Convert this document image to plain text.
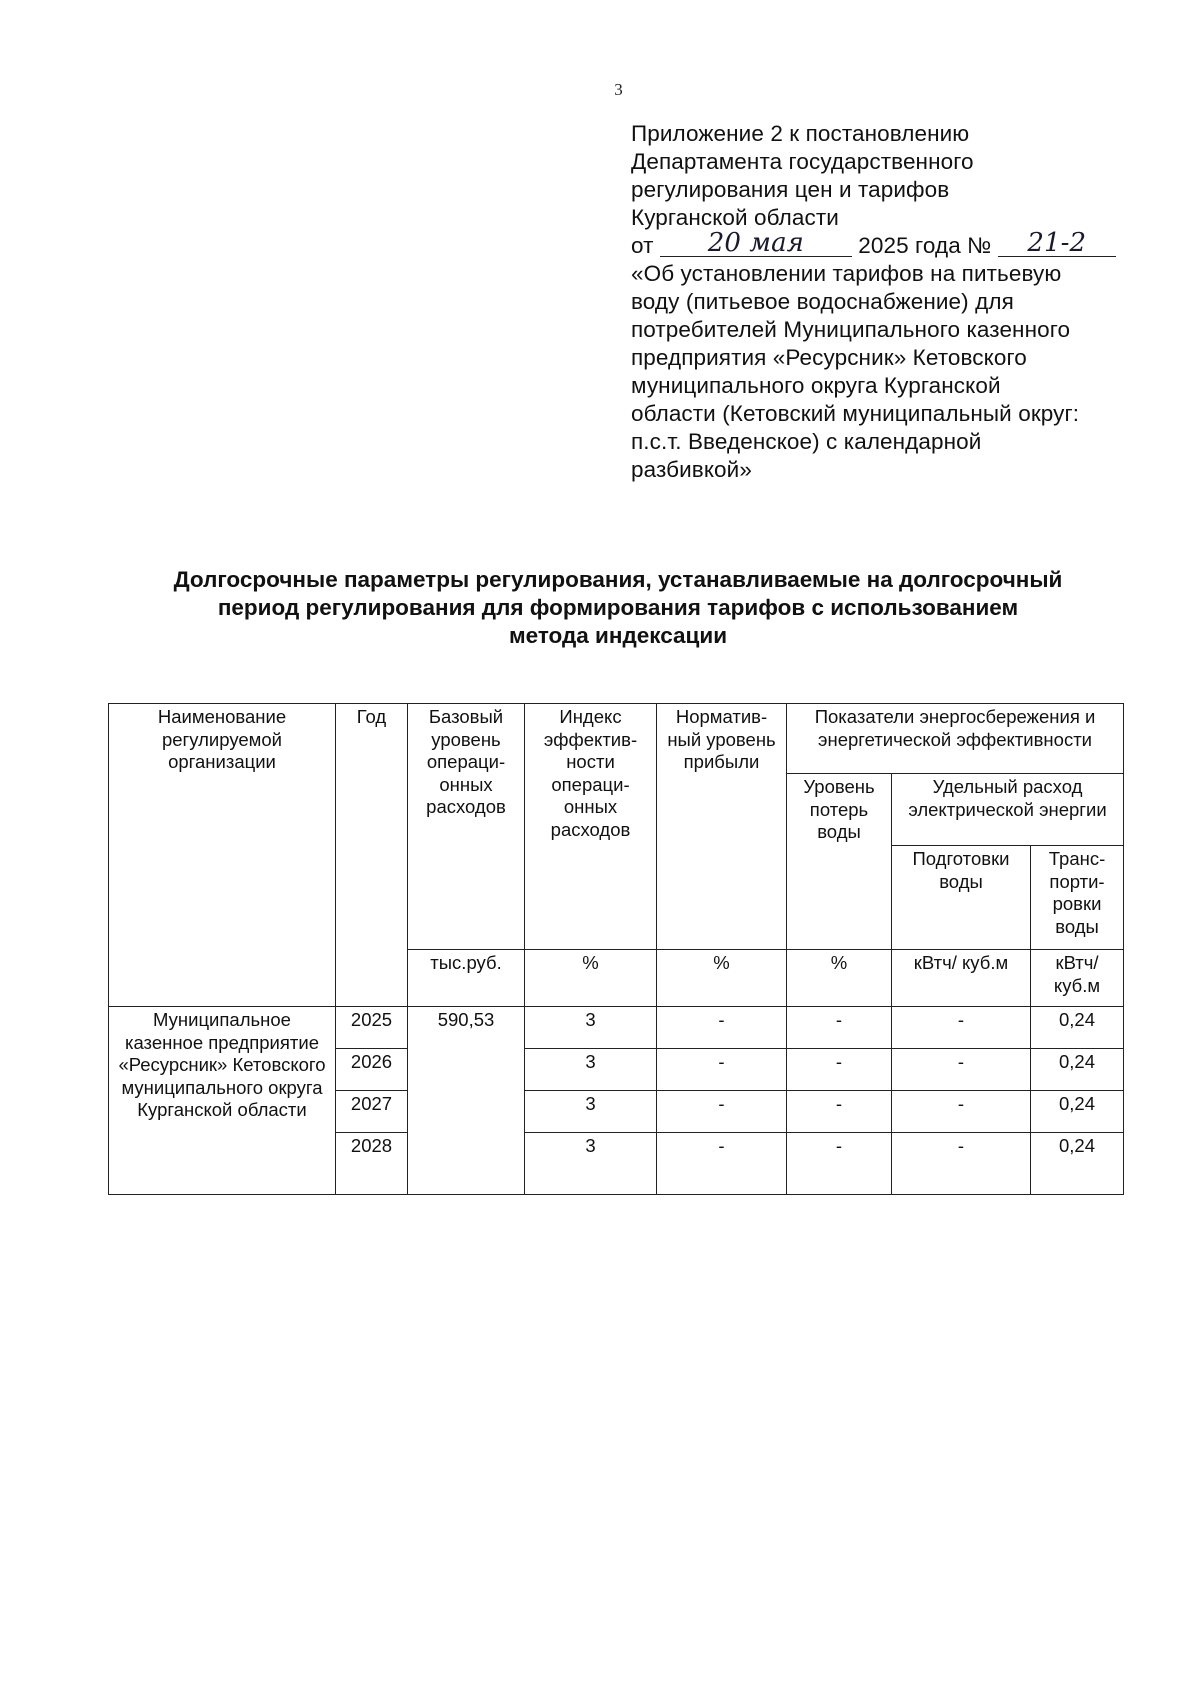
3
Приложение 2 к постановлению
Департамента государственного
регулирования цен и тарифов
Курганской области
от 20 мая 2025 года № 21-2
«Об установлении тарифов на питьевую
воду (питьевое водоснабжение) для
потребителей Муниципального казенного
предприятия «Ресурсник» Кетовского
муниципального округа Курганской
области (Кетовский муниципальный округ:
п.с.т. Введенское) с календарной
разбивкой»
Долгосрочные параметры регулирования, устанавливаемые на долгосрочный
период регулирования для формирования тарифов с использованием
метода индексации
Наименование регулируемой организации	Год	Базовый уровень операци- онных расходов	Индекс эффектив- ности операци- онных расходов	Норматив- ный уровень прибыли	Показатели энергосбережения и энергетической эффективности		
					Уровень потерь воды	Удельный расход электрической энергии	
						Подготовки воды	Транс- порти- ровки воды
		тыс.руб.	%	%	%	кВтч/ куб.м	кВтч/ куб.м
Муниципальное казенное предприятие «Ресурсник» Кетовского муниципального округа Курганской области	2025	590,53	3	-	-	-	0,24
	2026		3	-	-	-	0,24
	2027		3	-	-	-	0,24
	2028		3	-	-	-	0,24
